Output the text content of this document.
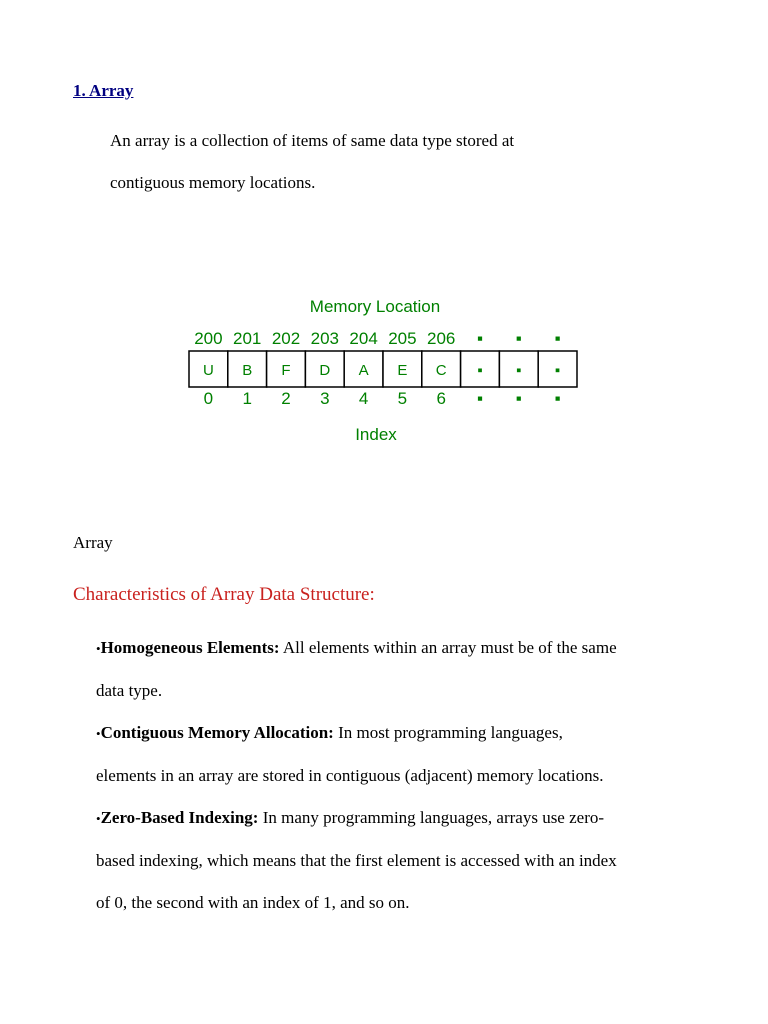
1. Array
An array is a collection of items of same data type stored at
contiguous memory locations.
Memory Location
200 201 202 203 204 205 206 ▪ ▪ ▪
U B F D A E C ▪ ▪ ▪
0 1 2 3 4 5 6 ▪ ▪ ▪
Index
Array
Characteristics of Array Data Structure:
•Homogeneous Elements: All elements within an array must be of the same
data type.
•Contiguous Memory Allocation: In most programming languages,
elements in an array are stored in contiguous (adjacent) memory locations.
•Zero-Based Indexing: In many programming languages, arrays use zero-
based indexing, which means that the first element is accessed with an index
of 0, the second with an index of 1, and so on.
